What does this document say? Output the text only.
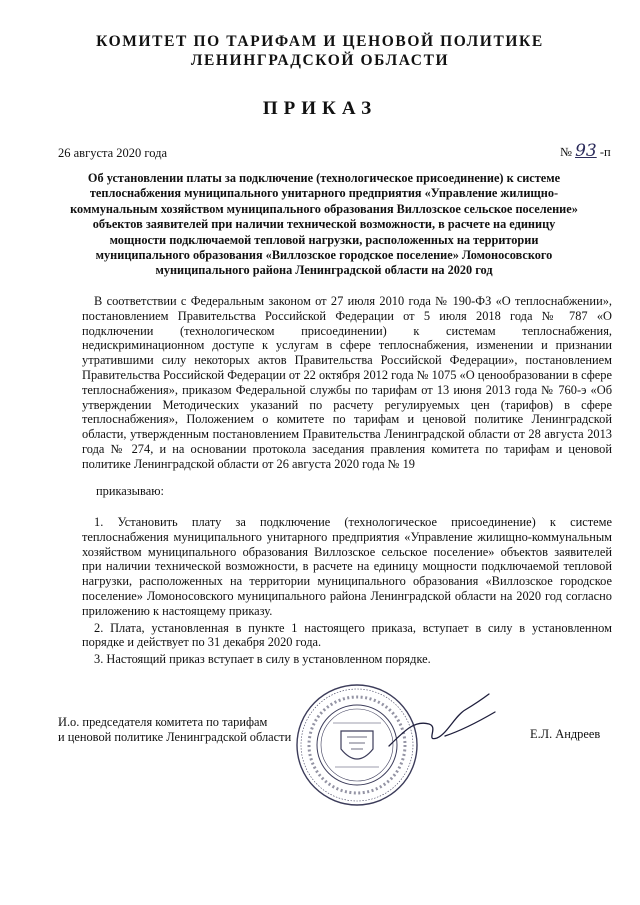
КОМИТЕТ ПО ТАРИФАМ И ЦЕНОВОЙ ПОЛИТИКЕ
ЛЕНИНГРАДСКОЙ ОБЛАСТИ
ПРИКАЗ
26 августа 2020 года	№ 93 -п
Об установлении платы за подключение (технологическое присоединение) к системе теплоснабжения муниципального унитарного предприятия «Управление жилищно-коммунальным хозяйством муниципального образования Виллозское сельское поселение» объектов заявителей при наличии технической возможности, в расчете на единицу мощности подключаемой тепловой нагрузки, расположенных на территории муниципального образования «Виллозское городское поселение» Ломоносовского муниципального района Ленинградской области на 2020 год
В соответствии с Федеральным законом от 27 июля 2010 года № 190-ФЗ «О теплоснабжении», постановлением Правительства Российской Федерации от 5 июля 2018 года № 787 «О подключении (технологическом присоединении) к системам теплоснабжения, недискриминационном доступе к услугам в сфере теплоснабжения, изменении и признании утратившими силу некоторых актов Правительства Российской Федерации», постановлением Правительства Российской Федерации от 22 октября 2012 года № 1075 «О ценообразовании в сфере теплоснабжения», приказом Федеральной службы по тарифам от 13 июня 2013 года № 760-э «Об утверждении Методических указаний по расчету регулируемых цен (тарифов) в сфере теплоснабжения», Положением о комитете по тарифам и ценовой политике Ленинградской области, утвержденным постановлением Правительства Ленинградской области от 28 августа 2013 года № 274, и на основании протокола заседания правления комитета по тарифам и ценовой политике Ленинградской области от 26 августа 2020 года № 19
приказываю:

1. Установить плату за подключение (технологическое присоединение) к системе теплоснабжения муниципального унитарного предприятия «Управление жилищно-коммунальным хозяйством муниципального образования Виллозское сельское поселение» объектов заявителей при наличии технической возможности, в расчете на единицу мощности подключаемой тепловой нагрузки, расположенных на территории муниципального образования «Виллозское городское поселение» Ломоносовского муниципального района Ленинградской области на 2020 год согласно приложению к настоящему приказу.

2. Плата, установленная в пункте 1 настоящего приказа, вступает в силу в установленном порядке и действует по 31 декабря 2020 года.

3. Настоящий приказ вступает в силу в установленном порядке.

И.о. председателя комитета по тарифам
и ценовой политике Ленинградской области	Е.Л. Андреев
